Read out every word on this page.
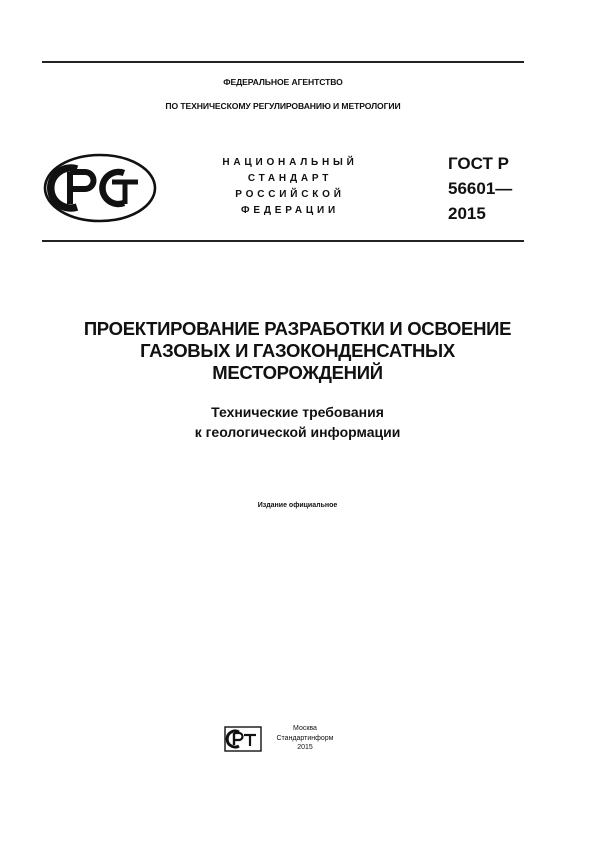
ФЕДЕРАЛЬНОЕ АГЕНТСТВО
ПО ТЕХНИЧЕСКОМУ РЕГУЛИРОВАНИЮ И МЕТРОЛОГИИ
НАЦИОНАЛЬНЫЙ
СТАНДАРТ
РОССИЙСКОЙ
ФЕДЕРАЦИИ
ГОСТ Р
56601—
2015
ПРОЕКТИРОВАНИЕ РАЗРАБОТКИ И ОСВОЕНИЕ
ГАЗОВЫХ И ГАЗОКОНДЕНСАТНЫХ
МЕСТОРОЖДЕНИЙ
Технические требования
к геологической информации
Издание официальное
Москва
Стандартинформ
2015
